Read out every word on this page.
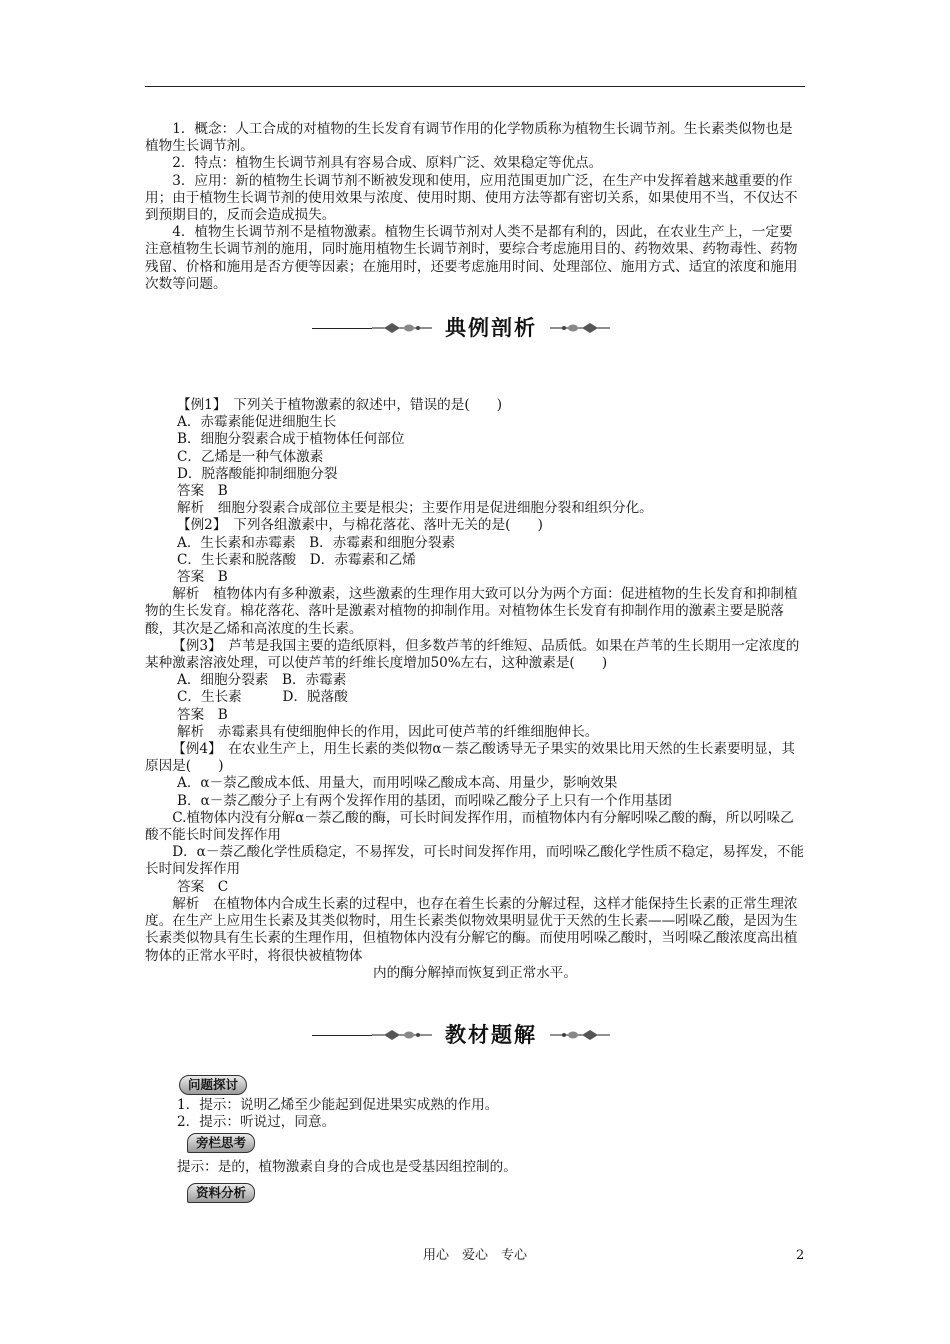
1．概念：人工合成的对植物的生长发育有调节作用的化学物质称为植物生长调节剂。生长素类似物也是植物生长调节剂。

2．特点：植物生长调节剂具有容易合成、原料广泛、效果稳定等优点。

3．应用：新的植物生长调节剂不断被发现和使用，应用范围更加广泛，在生产中发挥着越来越重要的作用；由于植物生长调节剂的使用效果与浓度、使用时期、使用方法等都有密切关系，如果使用不当，不仅达不到预期目的，反而会造成损失。

4．植物生长调节剂不是植物激素。植物生长调节剂对人类不是都有利的，因此，在农业生产上，一定要注意植物生长调节剂的施用，同时施用植物生长调节剂时，要综合考虑施用目的、药物效果、药物毒性、药物残留、价格和施用是否方便等因素；在施用时，还要考虑施用时间、处理部位、施用方式、适宜的浓度和施用次数等问题。

典例剖析

【例1】　下列关于植物激素的叙述中，错误的是(　　)

A．赤霉素能促进细胞生长

B．细胞分裂素合成于植物体任何部位

C．乙烯是一种气体激素

D．脱落酸能抑制细胞分裂

答案　B

解析　细胞分裂素合成部位主要是根尖；主要作用是促进细胞分裂和组织分化。

【例2】　下列各组激素中，与棉花落花、落叶无关的是(　　)

A．生长素和赤霉素　B．赤霉素和细胞分裂素

C．生长素和脱落酸　D．赤霉素和乙烯

答案　B

解析　植物体内有多种激素，这些激素的生理作用大致可以分为两个方面：促进植物的生长发育和抑制植物的生长发育。棉花落花、落叶是激素对植物的抑制作用。对植物体生长发育有抑制作用的激素主要是脱落酸，其次是乙烯和高浓度的生长素。

【例3】　芦苇是我国主要的造纸原料，但多数芦苇的纤维短、品质低。如果在芦苇的生长期用一定浓度的某种激素溶液处理，可以使芦苇的纤维长度增加50%左右，这种激素是(　　)

A．细胞分裂素　B．赤霉素

C．生长素　　　D．脱落酸

答案　B

解析　赤霉素具有使细胞伸长的作用，因此可使芦苇的纤维细胞伸长。

【例4】　在农业生产上，用生长素的类似物α－萘乙酸诱导无子果实的效果比用天然的生长素要明显，其原因是(　　)

A．α－萘乙酸成本低、用量大，而用吲哚乙酸成本高、用量少，影响效果

B．α－萘乙酸分子上有两个发挥作用的基团，而吲哚乙酸分子上只有一个作用基团

C.植物体内没有分解α－萘乙酸的酶，可长时间发挥作用，而植物体内有分解吲哚乙酸的酶，所以吲哚乙酸不能长时间发挥作用

D．α－萘乙酸化学性质稳定，不易挥发，可长时间发挥作用，而吲哚乙酸化学性质不稳定，易挥发，不能长时间发挥作用

答案　C

解析　在植物体内合成生长素的过程中，也存在着生长素的分解过程，这样才能保持生长素的正常生理浓度。在生产上应用生长素及其类似物时，用生长素类似物效果明显优于天然的生长素——吲哚乙酸，是因为生长素类似物具有生长素的生理作用，但植物体内没有分解它的酶。而使用吲哚乙酸时，当吲哚乙酸浓度高出植物体的正常水平时，将很快被植物体

内的酶分解掉而恢复到正常水平。

教材题解
问题探讨

1．提示：说明乙烯至少能起到促进果实成熟的作用。

2．提示：听说过，同意。

旁栏思考

提示：是的，植物激素自身的合成也是受基因组控制的。

资料分析
用心　爱心　专心	2
